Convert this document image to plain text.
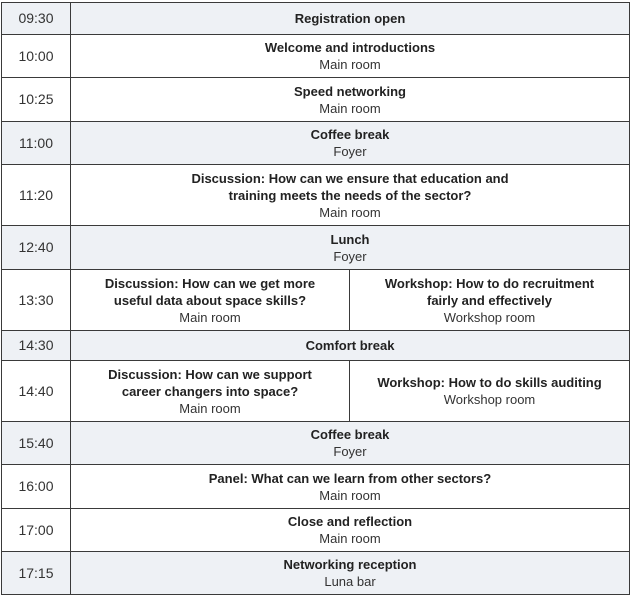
09:30	Registration open	

10:00	Welcome and introductions
Main room	

10:25	Speed networking
Main room	

11:00	Coffee break
Foyer	

11:20	Discussion: How can we ensure that education and
training meets the needs of the sector?
Main room	

12:40	Lunch
Foyer	

13:30	Discussion: How can we get more
useful data about space skills?
Main room	Workshop: How to do recruitment
fairly and effectively
Workshop room

14:30	Comfort break	

14:40	Discussion: How can we support
career changers into space?
Main room	Workshop: How to do skills auditing
Workshop room

15:40	Coffee break
Foyer	

16:00	Panel: What can we learn from other sectors?
Main room	

17:00	Close and reflection
Main room	

17:15	Networking reception
Luna bar	
